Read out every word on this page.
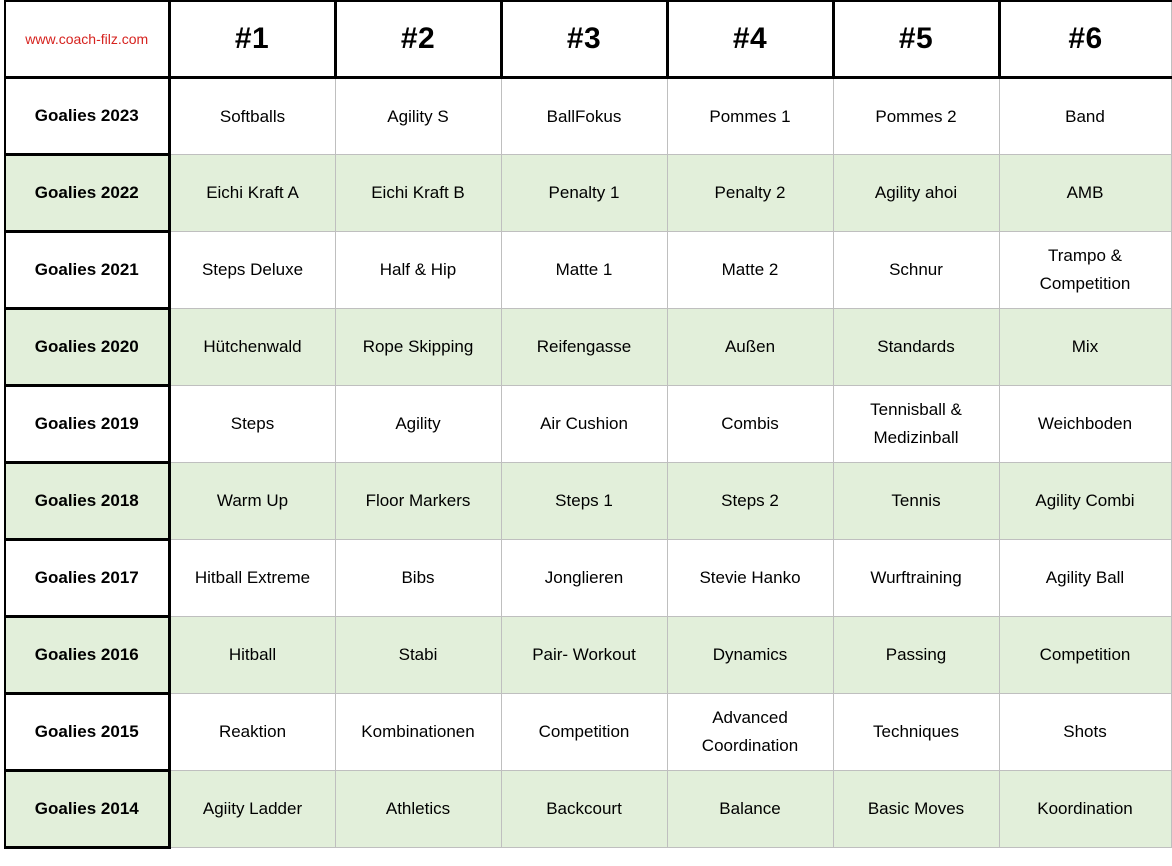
www.coach-filz.com	#1	#2	#3	#4	#5	#6
Goalies 2023	Softballs	Agility S	BallFokus	Pommes 1	Pommes 2	Band

Goalies 2022	Eichi Kraft A	Eichi Kraft B	Penalty 1	Penalty 2	Agility ahoi	AMB

Goalies 2021	Steps Deluxe	Half & Hip	Matte 1	Matte 2	Schnur	Trampo &
Competition

Goalies 2020	Hütchenwald	Rope Skipping	Reifengasse	Außen	Standards	Mix

Goalies 2019	Steps	Agility	Air Cushion	Combis	Tennisball &
Medizinball	Weichboden

Goalies 2018	Warm Up	Floor Markers	Steps 1	Steps 2	Tennis	Agility Combi

Goalies 2017	Hitball Extreme	Bibs	Jonglieren	Stevie Hanko	Wurftraining	Agility Ball

Goalies 2016	Hitball	Stabi	Pair- Workout	Dynamics	Passing	Competition

Goalies 2015	Reaktion	Kombinationen	Competition	Advanced
Coordination	Techniques	Shots

Goalies 2014	Agiity Ladder	Athletics	Backcourt	Balance	Basic Moves	Koordination
